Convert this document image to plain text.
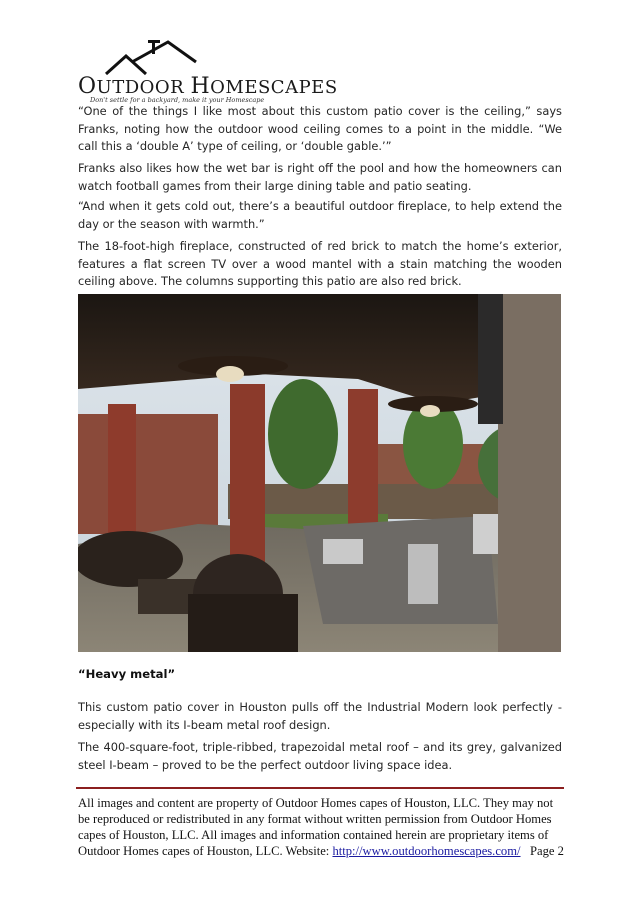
OUTDOOR HOMESCAPES
Don't settle for a backyard, make it your Homescape

“One of the things I like most about this custom patio cover is the ceiling,” says Franks, noting how the outdoor wood ceiling comes to a point in the middle. “We call this a ‘double A’ type of ceiling, or ‘double gable.’”

Franks also likes how the wet bar is right off the pool and how the homeowners can watch football games from their large dining table and patio seating.

“And when it gets cold out, there’s a beautiful outdoor fireplace, to help extend the day or the season with warmth.”

The 18-foot-high fireplace, constructed of red brick to match the home’s exterior, features a flat screen TV over a wood mantel with a stain matching the wooden ceiling above. The columns supporting this patio are also red brick.

“Heavy metal”

This custom patio cover in Houston pulls off the Industrial Modern look perfectly - especially with its I-beam metal roof design.

The 400-square-foot, triple-ribbed, trapezoidal metal roof – and its grey, galvanized steel I-beam – proved to be the perfect outdoor living space idea.

All images and content are property of Outdoor Homes capes of Houston, LLC. They may not be reproduced or redistributed in any format without written permission from Outdoor Homes capes of Houston, LLC. All images and information contained herein are proprietary items of Outdoor Homes capes of Houston, LLC. Website: http://www.outdoorhomescapes.com/ Page 2
